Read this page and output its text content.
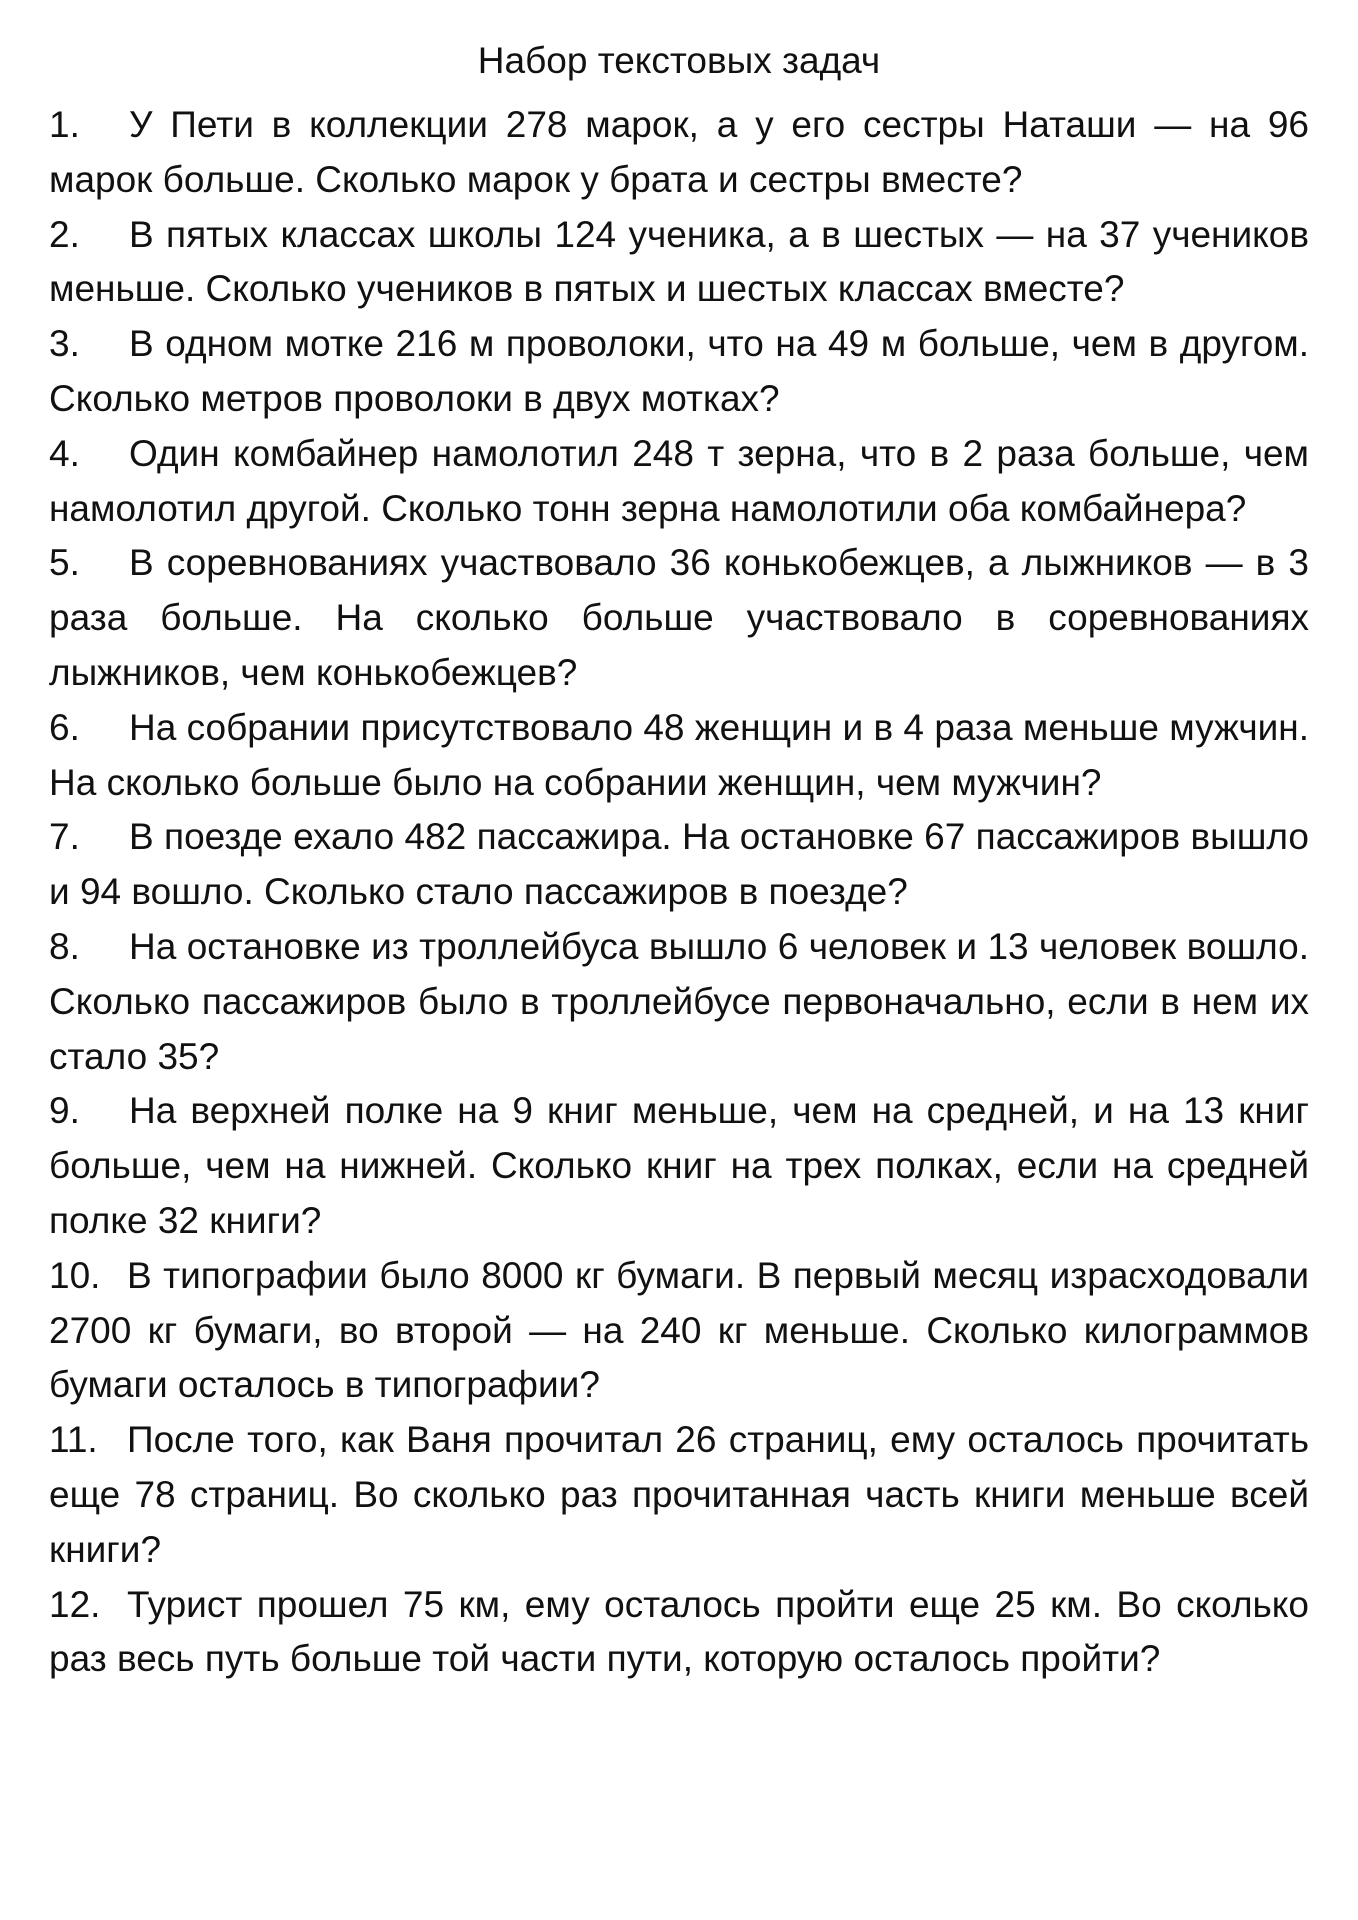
Набор текстовых задач
1. У Пети в коллекции 278 марок, а у его сестры Наташи — на 96 марок больше. Сколько марок у брата и сестры вместе?
2. В пятых классах школы 124 ученика, а в шестых — на 37 учеников меньше. Сколько учеников в пятых и шестых классах вместе?
3. В одном мотке 216 м проволоки, что на 49 м больше, чем в другом. Сколько метров проволоки в двух мотках?
4. Один комбайнер намолотил 248 т зерна, что в 2 раза больше, чем намолотил другой. Сколько тонн зерна намолотили оба комбайнера?
5. В соревнованиях участвовало 36 конькобежцев, а лыжников — в 3 раза больше. На сколько больше участвовало в соревнованиях лыжников, чем конькобежцев?
6. На собрании присутствовало 48 женщин и в 4 раза меньше мужчин. На сколько больше было на собрании женщин, чем мужчин?
7. В поезде ехало 482 пассажира. На остановке 67 пассажиров вышло и 94 вошло. Сколько стало пассажиров в поезде?
8. На остановке из троллейбуса вышло 6 человек и 13 человек вошло. Сколько пассажиров было в троллейбусе первоначально, если в нем их стало 35?
9. На верхней полке на 9 книг меньше, чем на средней, и на 13 книг больше, чем на нижней. Сколько книг на трех полках, если на средней полке 32 книги?
10. В типографии было 8000 кг бумаги. В первый месяц израсходовали 2700 кг бумаги, во второй — на 240 кг меньше. Сколько килограммов бумаги осталось в типографии?
11. После того, как Ваня прочитал 26 страниц, ему осталось прочитать еще 78 страниц. Во сколько раз прочитанная часть книги меньше всей книги?
12. Турист прошел 75 км, ему осталось пройти еще 25 км. Во сколько раз весь путь больше той части пути, которую осталось пройти?
